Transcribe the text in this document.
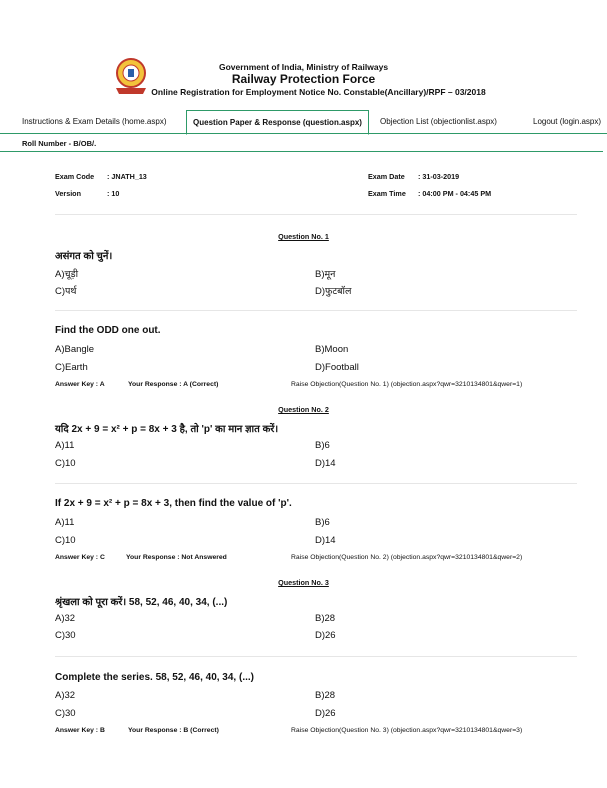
Government of India, Ministry of Railways
Railway Protection Force
Online Registration for Employment Notice No. Constable(Ancillary)/RPF – 03/2018
Instructions & Exam Details (home.aspx)	Question Paper & Response (question.aspx)	Objection List (objectionlist.aspx)	Logout (login.aspx)
Roll Number - B/OB/.
Exam Code : JNATH_13
Version	: 10
Exam Date : 31-03-2019
Exam Time : 04:00 PM - 04:45 PM
Question No. 1
असंगत को चुनें।
A)चूड़ी	B)मून
C)पर्थ	D)फुटबॉल
Find the ODD one out.
A)Bangle	B)Moon
C)Earth	D)Football
Answer Key : A	Your Response : A (Correct)	Raise Objection(Question No. 1) (objection.aspx?qwr=3210134801&qwer=1)
Question No. 2
यदि 2x + 9 = x² + p = 8x + 3 है, तो 'p' का मान ज्ञात करें।
A)11	B)6
C)10	D)14
If 2x + 9 = x² + p = 8x + 3, then find the value of 'p'.
A)11	B)6
C)10	D)14
Answer Key : C	Your Response : Not Answered	Raise Objection(Question No. 2) (objection.aspx?qwr=3210134801&qwer=2)
Question No. 3
श्रृंखला को पूरा करें। 58, 52, 46, 40, 34, (...)
A)32	B)28
C)30	D)26
Complete the series. 58, 52, 46, 40, 34, (...)
A)32	B)28
C)30	D)26
Answer Key : B	Your Response : B (Correct)	Raise Objection(Question No. 3) (objection.aspx?qwr=3210134801&qwer=3)
